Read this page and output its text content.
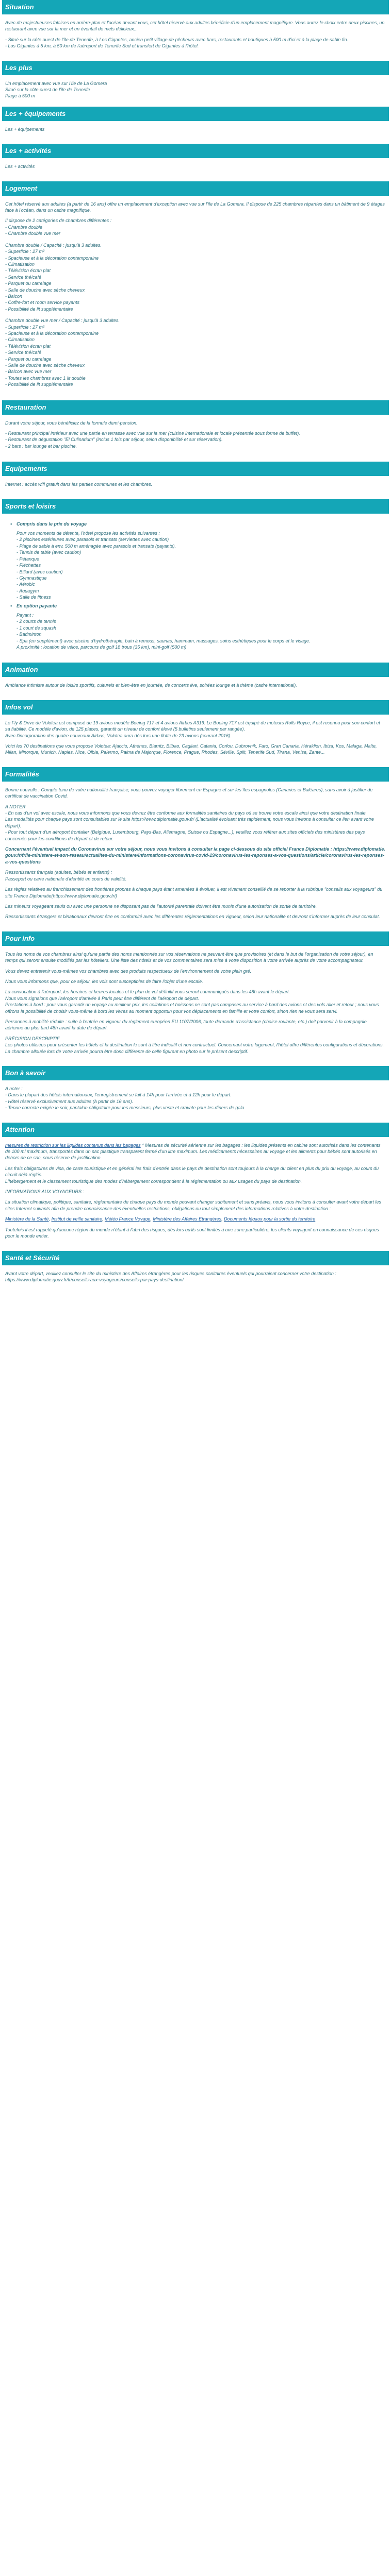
Situation
Avec de majestueuses falaises en arrière-plan et l'océan devant vous, cet hôtel réservé aux adultes bénéficie d'un emplacement magnifique. Vous aurez le choix entre deux piscines, un restaurant avec vue sur la mer et un éventail de mets délicieux...
- Situé sur la côte ouest de l'île de Tenerife, à Los Gigantes, ancien petit village de pêcheurs avec bars, restaurants et boutiques à 500 m d'ici et à la plage de sable fin.
- Los Gigantes à 5 km, à 50 km de l'aéroport de Tenerife Sud et transfert de Gigantes à l'hôtel.
Les plus
Un emplacement avec vue sur l'île de La Gomera
Situé sur la côte ouest de l'île de Tenerife
Plage à 500 m
Les + équipements
Les + équipements
Les + activités
Les + activités
Logement
Cet hôtel réservé aux adultes (à partir de 16 ans) offre un emplacement d'exception avec vue sur l'île de La Gomera. Il dispose de 225 chambres réparties dans un bâtiment de 9 étages face à l'océan, dans un cadre magnifique.
Il dispose de 2 catégories de chambres différentes :
- Chambre double
- Chambre double vue mer
Chambre double / Capacité : jusqu'à 3 adultes.
- Superficie : 27 m²
- Spacieuse et à la décoration contemporaine
- Climatisation
- Télévision écran plat
- Service thé/café
- Parquet ou carrelage
- Salle de douche avec sèche cheveux
- Balcon
- Coffre-fort et room service payants
- Possibilité de lit supplémentaire
Chambre double vue mer / Capacité : jusqu'à 3 adultes.
- Superficie : 27 m²
- Spacieuse et à la décoration contemporaine
- Climatisation
- Télévision écran plat
- Service thé/café
- Parquet ou carrelage
- Salle de douche avec sèche cheveux
- Balcon avec vue mer
- Toutes les chambres avec 1 lit double
- Possibilité de lit supplémentaire
Restauration
Durant votre séjour, vous bénéficiez de la formule demi-pension.
- Restaurant principal intérieur avec une partie en terrasse avec vue sur la mer (cuisine internationale et locale présentée sous forme de buffet).
- Restaurant de dégustation "El Culinarium" (inclus 1 fois par séjour, selon disponibilité et sur réservation).
- 2 bars : bar lounge et bar piscine.
Equipements
Internet : accès wifi gratuit dans les parties communes et les chambres.
Sports et loisirs
• Compris dans le prix du voyage
Pour vos moments de détente, l'hôtel propose les activités suivantes :
- 2 piscines extérieures avec parasols et transats (serviettes avec caution)
- Plage de sable à env. 500 m aménagée avec parasols et transats (payants).
- Tennis de table (avec caution)
- Pétanque
- Fléchettes
- Billard (avec caution)
- Gymnastique
- Aérobic
- Aquagym
- Salle de fitness
• En option payante
Payant :
- 2 courts de tennis
- 1 court de squash
- Badminton
- Spa (en supplément) avec piscine d'hydrothérapie, bain à remous, saunas, hammam, massages, soins esthétiques pour le corps et le visage.
A proximité : location de vélos, parcours de golf 18 trous (35 km), mini-golf (500 m)
Animation
Ambiance intimiste autour de loisirs sportifs, culturels et bien-être en journée, de concerts live, soirées lounge et à thème (cadre international).
Infos vol
Le Fly & Drive de Volotea est composé de 19 avions modèle Boeing 717 et 4 avions Airbus A319. Le Boeing 717 est équipé de moteurs Rolls Royce, il est reconnu pour son confort et sa fiabilité. Ce modèle d'avion, de 125 places, garantit un niveau de confort élevé (5 bulletins seulement par rangée).
Avec l'incorporation des quatre nouveaux Airbus, Volotea aura dès lors une flotte de 23 avions (courant 2016).
Voici les 70 destinations que vous propose Volotea: Ajaccio, Athènes, Biarritz, Bilbao, Cagliari, Catania, Corfou, Dubrovnik, Faro, Gran Canaria, Héraklion, Ibiza, Kos, Malaga, Malte, Milan, Minorque, Munich, Naples, Nice, Olbia, Palermo, Palma de Majorque, Florence, Prague, Rhodes, Séville, Split, Tenerife Sud, Tirana, Venise, Zante...
Formalités
Bonne nouvelle ; Compte tenu de votre nationalité française, vous pouvez voyager librement en Espagne et sur les îles espagnoles (Canaries et Baléares), sans avoir à justifier de certificat de vaccination Covid.
A NOTER
- En cas d'un vol avec escale, nous vous informons que vous devrez être conforme aux formalités sanitaires du pays où se trouve votre escale ainsi que votre destination finale.
Les modalités pour chaque pays sont consultables sur le site https://www.diplomatie.gouv.fr/ (L'actualité évoluant très rapidement, nous vous invitons à consulter ce lien avant votre départ).
- Pour tout départ d'un aéroport frontalier (Belgique, Luxembourg, Pays-Bas, Allemagne, Suisse ou Espagne...), veuillez vous référer aux sites officiels des ministères des pays concernés pour les conditions de départ et de retour.
Concernant l'éventuel impact du Coronavirus sur votre séjour, nous vous invitons à consulter la page ci-dessous du site officiel France Diplomatie : https://www.diplomatie.gouv.fr/fr/le-ministere-et-son-reseau/actualites-du-ministere/informations-coronavirus-covid-19/coronavirus-les-reponses-a-vos-questions/article/coronavirus-les-reponses-a-vos-questions
Ressortissants français (adultes, bébés et enfants) :
Passeport ou carte nationale d'identité en cours de validité.
Les règles relatives au franchissement des frontières propres à chaque pays étant amenées à évoluer, il est vivement conseillé de se reporter à la rubrique "conseils aux voyageurs" du site France Diplomatie(https://www.diplomatie.gouv.fr/)
Les mineurs voyageant seuls ou avec une personne ne disposant pas de l'autorité parentale doivent être munis d'une autorisation de sortie de territoire.
Ressortissants étrangers et binationaux devront être en conformité avec les différentes réglementations en vigueur, selon leur nationalité et devront s'informer auprès de leur consulat.
Pour info
Tous les noms de vos chambres ainsi qu'une partie des noms mentionnés sur vos réservations ne peuvent être que provisoires (et dans le but de l'organisation de votre séjour), en temps qui seront ensuite modifiés par les hôteliers. Une liste des hôtels et de vos commentaires sera mise à votre disposition à votre arrivée auprès de votre accompagnateur.
Vous devez entretenir vous-mêmes vos chambres avec des produits respectueux de l'environnement de votre plein gré.
Nous vous informons que, pour ce séjour, les vols sont susceptibles de faire l'objet d'une escale.
La convocation à l'aéroport, les horaires et heures locales et le plan de vol définitif vous seront communiqués dans les 48h avant le départ.
Nous vous signalons que l'aéroport d'arrivée à Paris peut être différent de l'aéroport de départ.
Prestations à bord : pour vous garantir un voyage au meilleur prix, les collations et boissons ne sont pas comprises au service à bord des avions et des vols aller et retour ; nous vous offrons la possibilité de choisir vous-même à bord les vivres au moment opportun pour vos déplacements en famille et votre confort, sinon rien ne vous sera servi.
Personnes à mobilité réduite : suite à l'entrée en vigueur du règlement européen EU 1107/2006, toute demande d'assistance (chaise roulante, etc.) doit parvenir à la compagnie aérienne au plus tard 48h avant la date de départ.
PRÉCISION DESCRIPTIF
Les photos utilisées pour présenter les hôtels et la destination le sont à titre indicatif et non contractuel. Concernant votre logement, l'hôtel offre différentes configurations et décorations. La chambre allouée lors de votre arrivée pourra être donc différente de celle figurant en photo sur le présent descriptif.
Bon à savoir
A noter :
- Dans le plupart des hôtels internationaux, l'enregistrement se fait à 14h pour l'arrivée et à 12h pour le départ.
- Hôtel réservé exclusivement aux adultes (à partir de 16 ans).
- Tenue correcte exigée le soir, pantalon obligatoire pour les messieurs, plus veste et cravate pour les dîners de gala.
Attention
mesures de restriction sur les liquides contenus dans les bagages * Mesures de sécurité aérienne sur les bagages : les liquides présents en cabine sont autorisés dans les contenants de 100 ml maximum, transportés dans un sac plastique transparent fermé d'un litre maximum. Les médicaments nécessaires au voyage et les aliments pour bébés sont autorisés en dehors de ce sac, sous réserve de justification.
Les frais obligatoires de visa, de carte touristique et en général les frais d'entrée dans le pays de destination sont toujours à la charge du client en plus du prix du voyage, au cours du circuit déjà réglés.
L'hébergement et le classement touristique des modes d'hébergement correspondent à la réglementation ou aux usages du pays de destination.
INFORMATIONS AUX VOYAGEURS :
La situation climatique, politique, sanitaire, réglementaire de chaque pays du monde pouvant changer subitement et sans préavis, nous vous invitons à consulter avant votre départ les sites Internet suivants afin de prendre connaissance des éventuelles restrictions, obligations ou tout simplement des informations relatives à votre destination :
Ministère de la Santé, Institut de veille sanitaire, Météo France Voyage, Ministère des Affaires Etrangères, Documents légaux pour la sortie du territoire
Toutefois il est rappelé qu'aucune région du monde n'étant à l'abri des risques, dès lors qu'ils sont limités à une zone particulière, les clients voyagent en connaissance de ces risques pour le monde entier.
Santé et Sécurité
Avant votre départ, veuillez consulter le site du ministère des Affaires étrangères pour les risques sanitaires éventuels qui pourraient concerner votre destination : https://www.diplomatie.gouv.fr/fr/conseils-aux-voyageurs/conseils-par-pays-destination/
